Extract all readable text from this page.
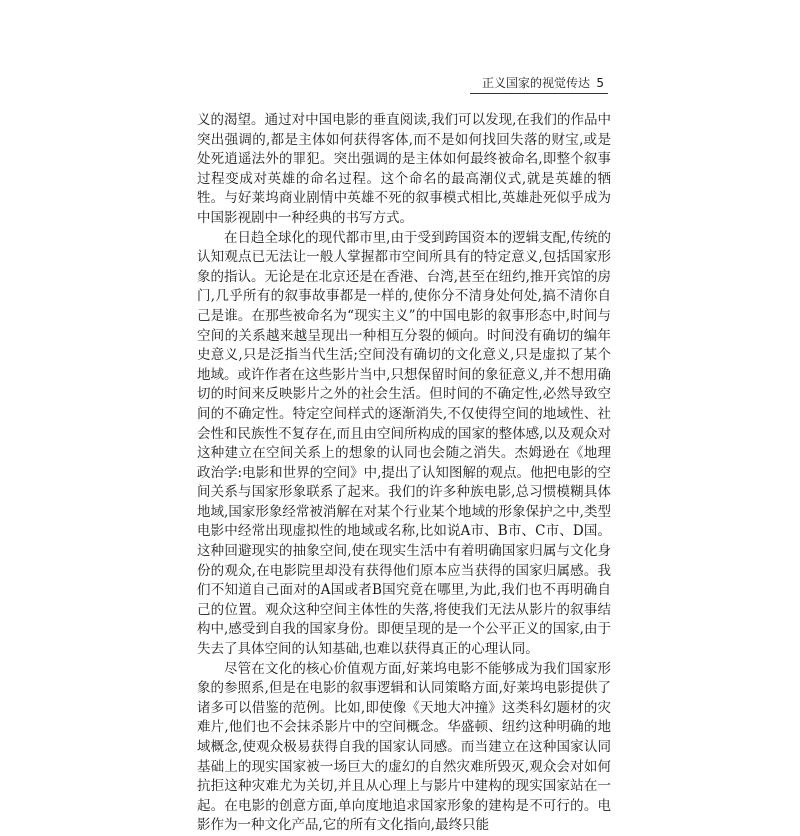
正义国家的视觉传达 5

义的渴望。通过对中国电影的垂直阅读,我们可以发现,在我们的作品中突出强调的,都是主体如何获得客体,而不是如何找回失落的财宝,或是处死逍遥法外的罪犯。突出强调的是主体如何最终被命名,即整个叙事过程变成对英雄的命名过程。这个命名的最高潮仪式,就是英雄的牺牲。与好莱坞商业剧情中英雄不死的叙事模式相比,英雄赴死似乎成为中国影视剧中一种经典的书写方式。

在日趋全球化的现代都市里,由于受到跨国资本的逻辑支配,传统的认知观点已无法让一般人掌握都市空间所具有的特定意义,包括国家形象的指认。无论是在北京还是在香港、台湾,甚至在纽约,推开宾馆的房门,几乎所有的叙事故事都是一样的,使你分不清身处何处,搞不清你自己是谁。在那些被命名为“现实主义”的中国电影的叙事形态中,时间与空间的关系越来越呈现出一种相互分裂的倾向。时间没有确切的编年史意义,只是泛指当代生活;空间没有确切的文化意义,只是虚拟了某个地域。或许作者在这些影片当中,只想保留时间的象征意义,并不想用确切的时间来反映影片之外的社会生活。但时间的不确定性,必然导致空间的不确定性。特定空间样式的逐渐消失,不仅使得空间的地域性、社会性和民族性不复存在,而且由空间所构成的国家的整体感,以及观众对这种建立在空间关系上的想象的认同也会随之消失。杰姆逊在《地理政治学:电影和世界的空间》中,提出了认知图解的观点。他把电影的空间关系与国家形象联系了起来。我们的许多种族电影,总习惯模糊具体地域,国家形象经常被消解在对某个行业某个地域的形象保护之中,类型电影中经常出现虚拟性的地域或名称,比如说A市、B市、C市、D国。这种回避现实的抽象空间,使在现实生活中有着明确国家归属与文化身份的观众,在电影院里却没有获得他们原本应当获得的国家归属感。我们不知道自己面对的A国或者B国究竟在哪里,为此,我们也不再明确自己的位置。观众这种空间主体性的失落,将使我们无法从影片的叙事结构中,感受到自我的国家身份。即便呈现的是一个公平正义的国家,由于失去了具体空间的认知基础,也难以获得真正的心理认同。

尽管在文化的核心价值观方面,好莱坞电影不能够成为我们国家形象的参照系,但是在电影的叙事逻辑和认同策略方面,好莱坞电影提供了诸多可以借鉴的范例。比如,即使像《天地大冲撞》这类科幻题材的灾难片,他们也不会抹杀影片中的空间概念。华盛顿、纽约这种明确的地域概念,使观众极易获得自我的国家认同感。而当建立在这种国家认同基础上的现实国家被一场巨大的虚幻的自然灾难所毁灭,观众会对如何抗拒这种灾难尤为关切,并且从心理上与影片中建构的现实国家站在一起。在电影的创意方面,单向度地追求国家形象的建构是不可行的。电影作为一种文化产品,它的所有文化指向,最终只能
